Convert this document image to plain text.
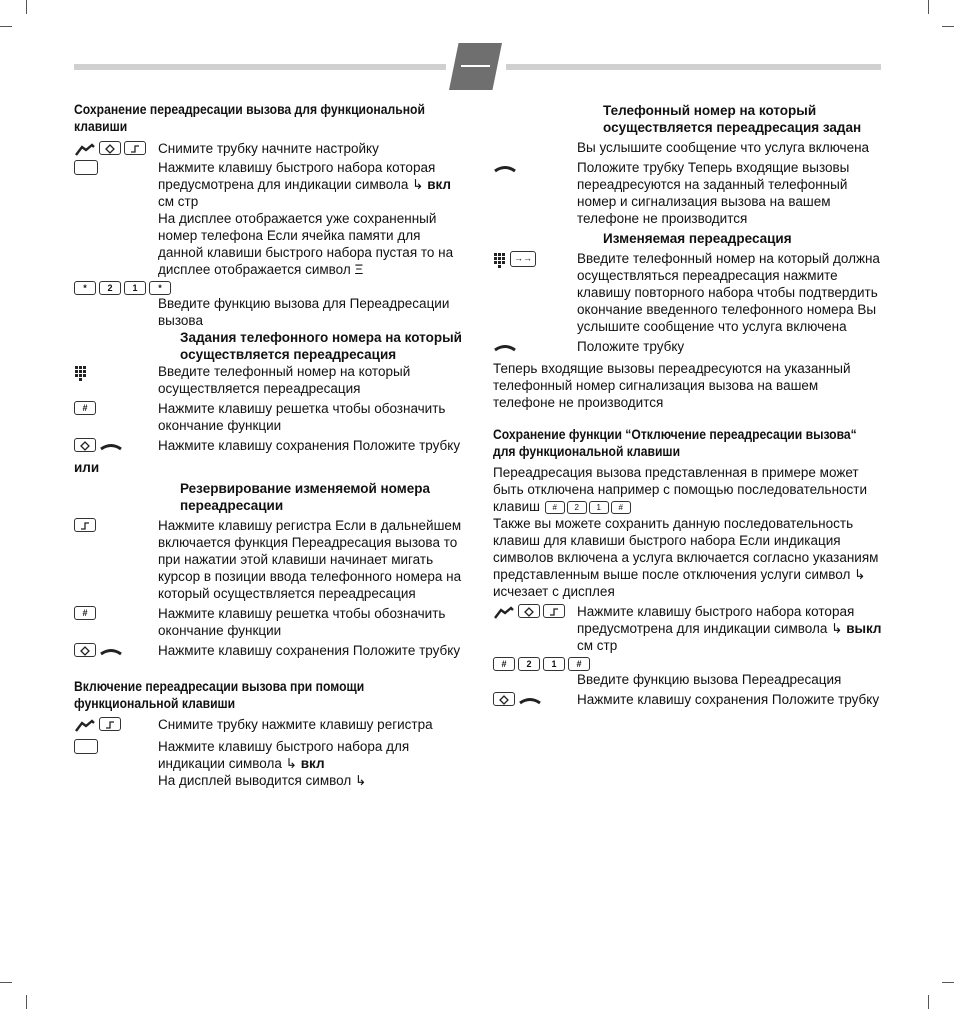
Сохранение переадресации вызова для функциональной клавиши
Снимите трубку начните настройку
Нажмите клавишу быстрого набора которая предусмотрена для индикации символа ↳ вкл см стр
На дисплее отображается уже сохраненный номер телефона Если ячейка памяти для данной клавиши быстрого набора пустая то на дисплее отображается символ Ξ
*	2	1	*
Введите функцию вызова для Переадресации вызова
Задания телефонного номера на который осуществляется переадресация
Введите телефонный номер на который осуществляется переадресация
#	Нажмите клавишу решетка чтобы обозначить окончание функции
Нажмите клавишу сохранения Положите трубку
или
Резервирование изменяемой номера переадресации
Нажмите клавишу регистра Если в дальнейшем включается функция Переадресация вызова то при нажатии этой клавиши начинает мигать курсор в позиции ввода телефонного номера на который осуществляется переадресация
#	Нажмите клавишу решетка чтобы обозначить окончание функции
Нажмите клавишу сохранения Положите трубку
Включение переадресации вызова при помощи функциональной клавиши
Снимите трубку нажмите клавишу регистра
Нажмите клавишу быстрого набора для индикации символа ↳ вкл
На дисплей выводится символ ↳
Телефонный номер на который осуществляется переадресация задан
Вы услышите сообщение что услуга включена
Положите трубку Теперь входящие вызовы переадресуются на заданный телефонный номер и сигнализация вызова на вашем телефоне не производится
Изменяемая переадресация
→→	Введите телефонный номер на который должна осуществляться переадресация нажмите клавишу повторного набора чтобы подтвердить окончание введенного телефонного номера Вы услышите сообщение что услуга включена
Положите трубку
Теперь входящие вызовы переадресуются на указанный телефонный номер сигнализация вызова на вашем телефоне не производится
Сохранение функции “Отключение переадресации вызова“ для функциональной клавиши
Переадресация вызова представленная в примере может быть отключена например с помощью последовательности клавиш # 2 1 #
Также вы можете сохранить данную последовательность клавиш для клавиши быстрого набора Если индикация символов включена а услуга включается согласно указаниям представленным выше после отключения услуги символ ↳ исчезает с дисплея
Нажмите клавишу быстрого набора которая предусмотрена для индикации символа ↳ выкл см стр
#	2	1	#
Введите функцию вызова Переадресация
Нажмите клавишу сохранения Положите трубку
